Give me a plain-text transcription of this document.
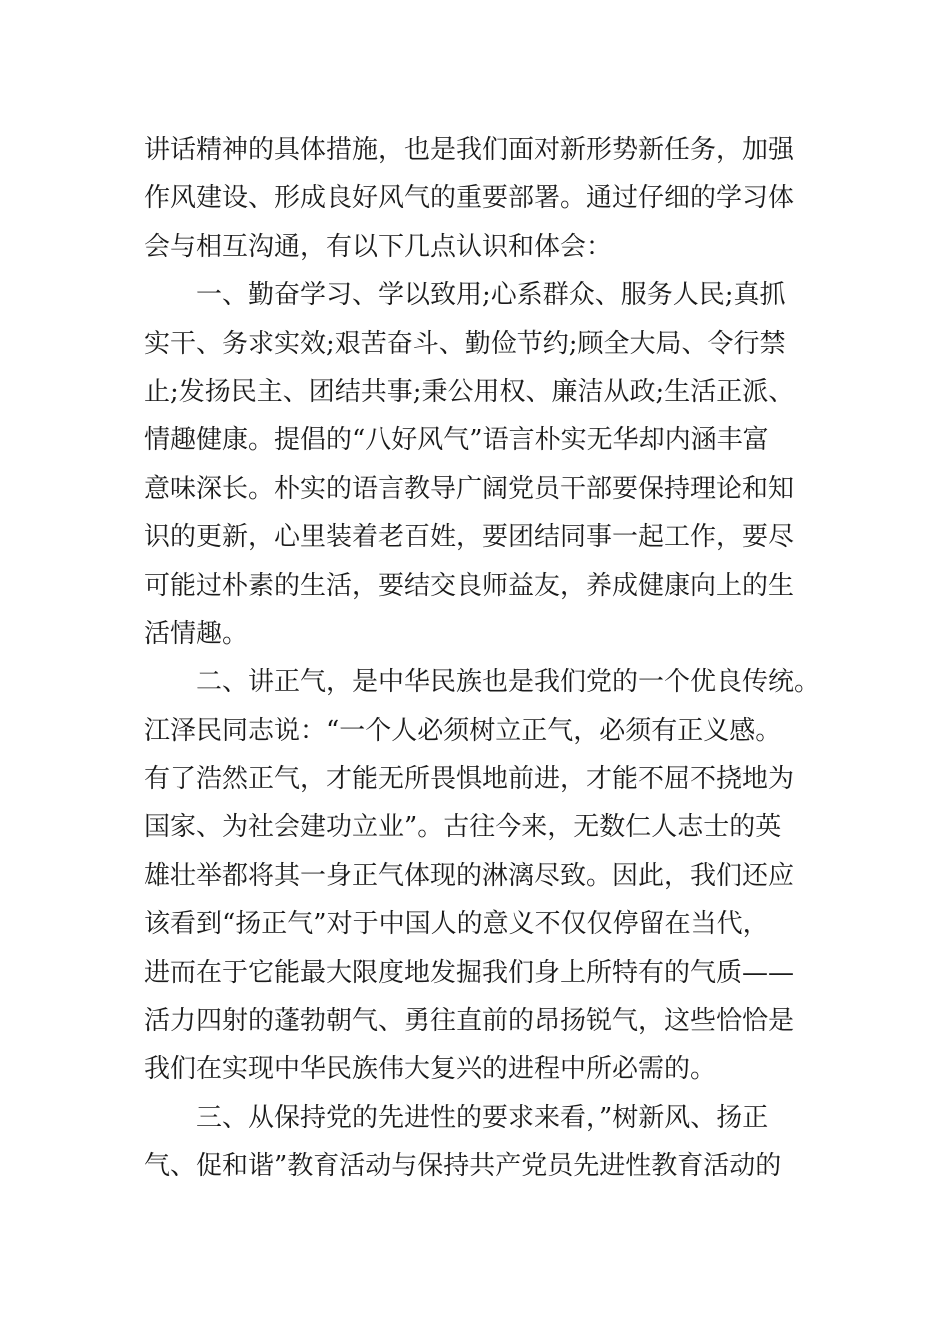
讲话精神的具体措施，也是我们面对新形势新任务，加强
作风建设、形成良好风气的重要部署。通过仔细的学习体
会与相互沟通，有以下几点认识和体会：
一、勤奋学习、学以致用;心系群众、服务人民;真抓
实干、务求实效;艰苦奋斗、勤俭节约;顾全大局、令行禁
止;发扬民主、团结共事;秉公用权、廉洁从政;生活正派、
情趣健康。提倡的“八好风气”语言朴实无华却内涵丰富
意味深长。朴实的语言教导广阔党员干部要保持理论和知
识的更新，心里装着老百姓，要团结同事一起工作，要尽
可能过朴素的生活，要结交良师益友，养成健康向上的生
活情趣。
二、讲正气，是中华民族也是我们党的一个优良传统。
江泽民同志说：“一个人必须树立正气，必须有正义感。
有了浩然正气，才能无所畏惧地前进，才能不屈不挠地为
国家、为社会建功立业”。古往今来，无数仁人志士的英
雄壮举都将其一身正气体现的淋漓尽致。因此，我们还应
该看到“扬正气”对于中国人的意义不仅仅停留在当代，
进而在于它能最大限度地发掘我们身上所特有的气质——
活力四射的蓬勃朝气、勇往直前的昂扬锐气，这些恰恰是
我们在实现中华民族伟大复兴的进程中所必需的。
三、从保持党的先进性的要求来看，”树新风、扬正
气、促和谐”教育活动与保持共产党员先进性教育活动的
